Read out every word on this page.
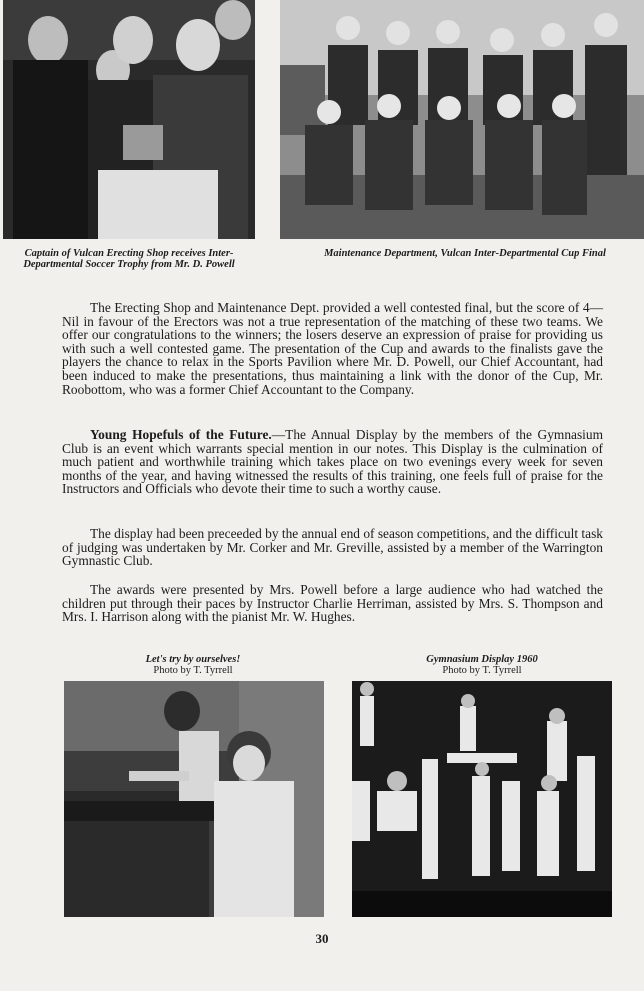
Captain of Vulcan Erecting Shop receives Inter-Departmental Soccer Trophy from Mr. D. Powell
Maintenance Department, Vulcan Inter-Departmental Cup Final

The Erecting Shop and Maintenance Dept. provided a well contested final, but the score of 4—Nil in favour of the Erectors was not a true representation of the matching of these two teams. We offer our congratulations to the winners; the losers deserve an expression of praise for providing us with such a well contested game. The presentation of the Cup and awards to the finalists gave the players the chance to relax in the Sports Pavilion where Mr. D. Powell, our Chief Accountant, had been induced to make the presentations, thus maintaining a link with the donor of the Cup, Mr. Roobottom, who was a former Chief Accountant to the Company.

Young Hopefuls of the Future.—The Annual Display by the members of the Gymnasium Club is an event which warrants special mention in our notes. This Display is the culmination of much patient and worthwhile training which takes place on two evenings every week for seven months of the year, and having witnessed the results of this training, one feels full of praise for the Instructors and Officials who devote their time to such a worthy cause.

The display had been preceeded by the annual end of season competitions, and the difficult task of judging was undertaken by Mr. Corker and Mr. Greville, assisted by a member of the Warrington Gymnastic Club.

The awards were presented by Mrs. Powell before a large audience who had watched the children put through their paces by Instructor Charlie Herriman, assisted by Mrs. S. Thompson and Mrs. I. Harrison along with the pianist Mr. W. Hughes.

Let's try by ourselves!
Photo by T. Tyrrell
Gymnasium Display 1960
Photo by T. Tyrrell
30
